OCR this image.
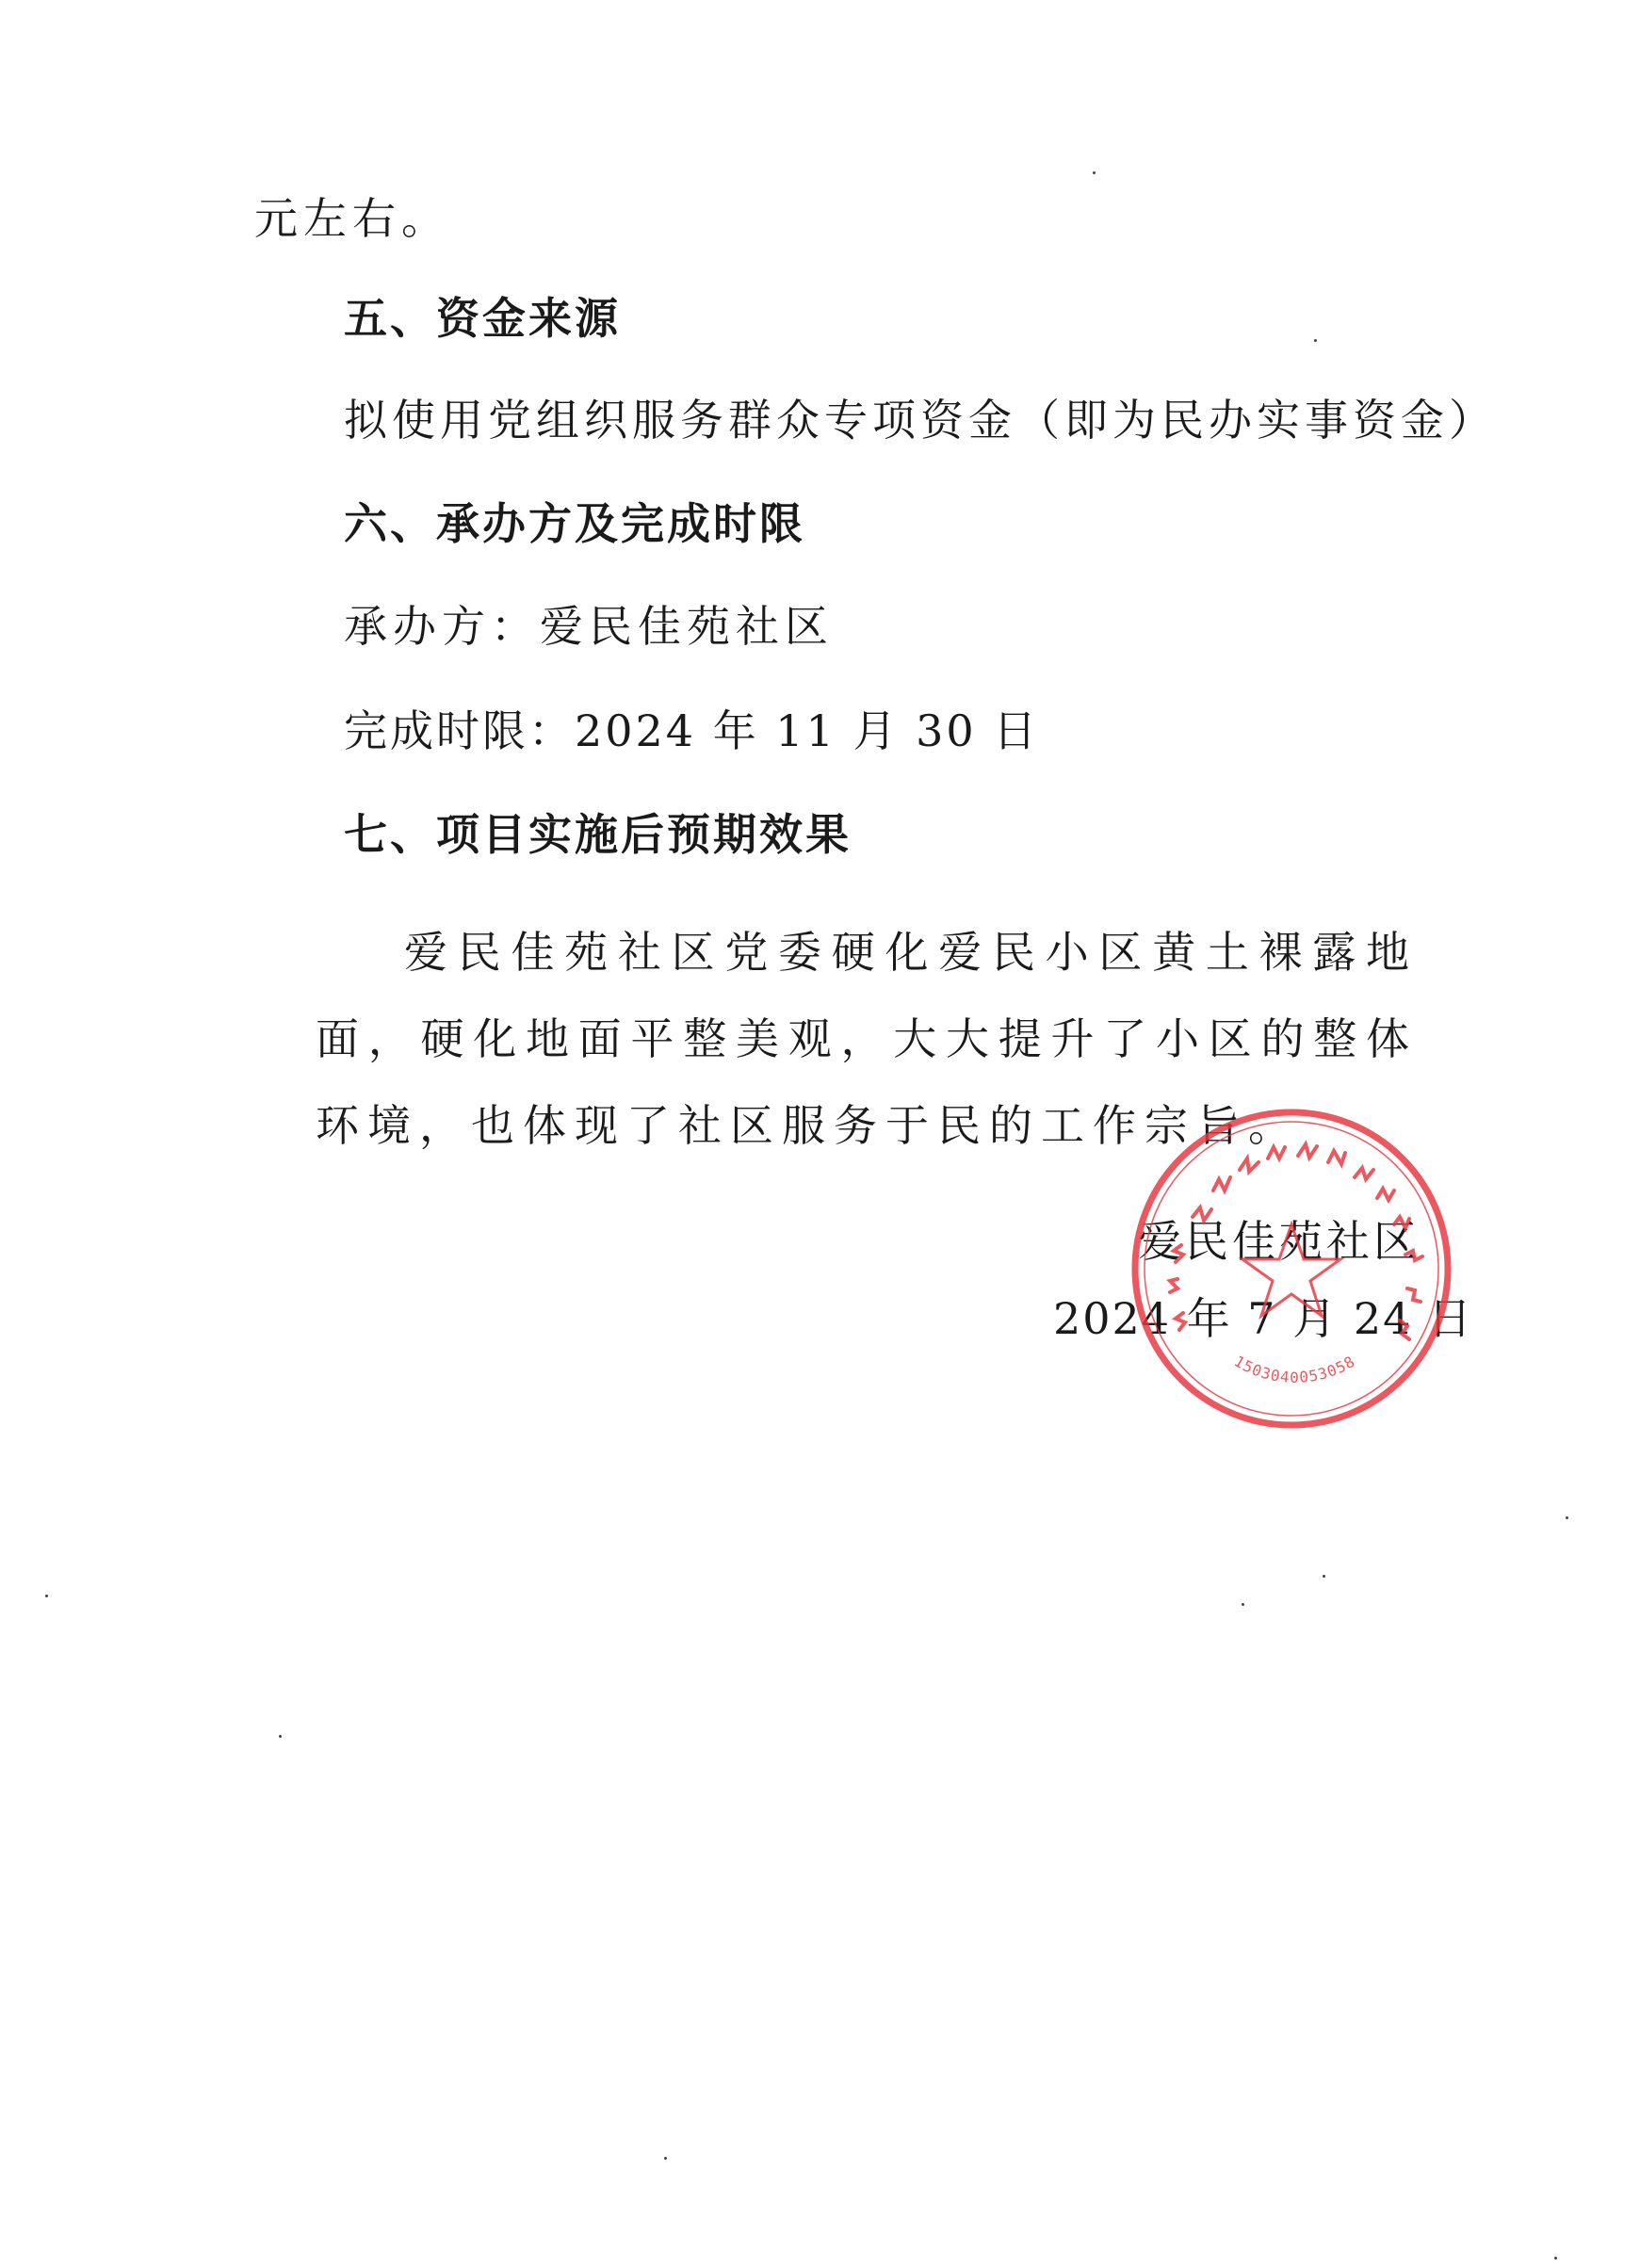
元左右。
五、资金来源
拟使用党组织服务群众专项资金（即为民办实事资金）
六、承办方及完成时限
承办方：爱民佳苑社区
完成时限：2024 年 11 月 30 日
七、项目实施后预期效果

爱民佳苑社区党委硬化爱民小区黄土裸露地面，硬化地面平整美观，大大提升了小区的整体环境，也体现了社区服务于民的工作宗旨。

爱民佳苑社区
2024 年 7 月 24 日
1503040053058
